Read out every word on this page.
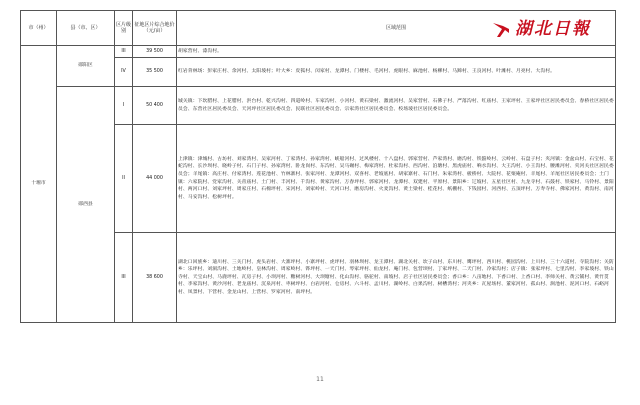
市（州）	县（市、区）	区片级别	征地区片综合地价（元/亩）	区域范围 湖北日報

十堰市	郧阳区	III	39 500	胡家营村、漆沟村。
		IV	35 500	红岩背林场：彭家庄村、余河村、太阳坡村；叶大乡：皮狐村、闵家村、龙潭村、门楼村、毛河村、虎眼村、麻池村、杨柳村、马蹄村、王良河村、叶滩村、月亮村、大沟村。
	郧西县	I	50 400	城关镇：下坎腊村、上花腊村、洪台村、乾兴沟村、四道岭村、车家沟村、小河村、黄石梁村、激流河村、吴家营村、石佛子村、严落沟村、红庙村、王家坪村、王家坪社区居民委员会、春桥社区居民委员会、东营社区居民委员会、天河坪社区居民委员会、民联社区居民委员会、宗家湾社区居民委员会、校场坡社区居民委员会。
		II	44 000	上津镇：津城村、古坊村、刘家湾村、吴家河村、丁家湾村、孙家湾村、峡船河村、过风楼村、十八盘村、郭家营村、芦家湾村、磨沟村、铁箍岭村、云岭村、石盘子村；夹河镇：金盆山村、石宝村、花蛇沟村、长沙坝村、晓岭子村、石门子村、孙家湾村、卧龙岗村、东沟村、吴马碾村、梅家湾村、杜家沟村、西沟村、泊塘村、黑虎庙村、响水沟村、大王沟村、小王沟村、腰滩河村、夹河关社区居民委员会；羊尾镇：高庄村、付家湾村、莲花池村、竹林寨村、张家河村、龙潭河村、双喜村、老坡底村、胡家寨村、石门村、朱家湾村、板桥村、大院村、花栗庵村、羊尾村、羊尾社区居民委员会；土门镇：六家院村、党家沟村、关帝庙村、土门村、丰河村、千沟村、黄家沟村、万春坪村、郭家河村、龙潭村、双建村、平原村、景阳乡：辽坡村、五星社区村、九龙寺村、石鼓村、铁家村、马铃村、景阳村、两河口村、刘家坪村、周家庄村、石棉坪村、宋河村、刘家岭村、天河口村、磨房沟村、火麦沟村、黄土梁村、桂花村、纸棚村、下钱园村、河西村、五顶坪村、万寿寺村、佛家河村、黄沟村、南河村、马安沟村、松树坪村。
		III	38 600	湖北口回族乡：迪川村、三关门村、虎头岩村、大寨坪村、小寨坪村、虎坪村、羽林坝村、龙王潭村、湖北关村、坎子山村、东川村、鹰坪村、西川村、桃园沟村、上川村、三十六道村、寺院沟村；关防乡：乐坪村、刘洞沟村、土地岭村、皇林沟村、周家岭村、铧坪村、一天门村、琴家坪村、仙龙村、庵门村、包营坝村、丁家坪村、二天门村、冷家沟村；店子镇：张家坪村、七里沟村、李家坡村、铁山寺村、天宝山村、马鹿坪村、瓦房子村、小坝河村、糖树河村、大坝塘村、化山沟村、骆驼村、南坡村、店子社区居民委员会；香口乡：八亩地村、下香口村、上香口村、李师关村、黄云铺村、黄竹贯村、李家沟村、黄沙河村、老龙庙村、沉泉河村、枣树坪村、白岩河村、仓房村、六斗村、孟川村、湖岭村、白果沟村、树槽湾村；河夹乡：瓦屋场村、董家河村、孤山村、涧池村、泥河口村、石峪河村、凤景村、下营村、金龙山村、上营村、罗家河村、南坪村。
11
